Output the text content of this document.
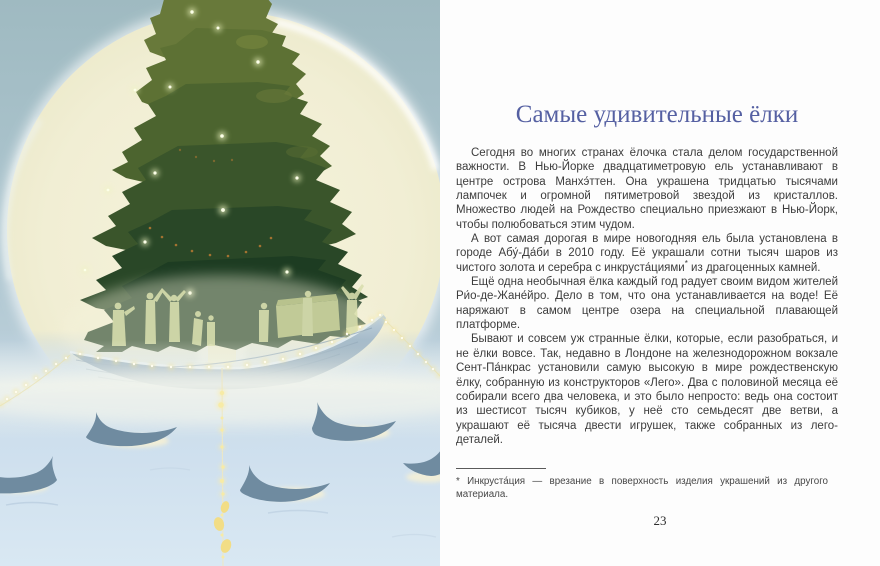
Самые удивительные ёлки

Сегодня во многих странах ёлочка стала делом государственной важности. В Нью-Йорке двадцатиметровую ель устанавливают в центре острова Манхэ́ттен. Она украшена тридцатью тысячами лампочек и огромной пятиметровой звездой из кристаллов. Множество людей на Рождество специально приезжают в Нью-Йорк, чтобы полюбоваться этим чудом.

А вот самая дорогая в мире новогодняя ель была установлена в городе Абу́-Да́би в 2010 году. Её украшали сотни тысяч шаров из чистого золота и серебра с инкруста́циями* из драгоценных камней.

Ещё одна необычная ёлка каждый год радует своим видом жителей Ри́о-де-Жане́йро. Дело в том, что она устанавливается на воде! Её наряжают в самом центре озера на специальной плавающей платформе.

Бывают и совсем уж странные ёлки, которые, если разобраться, и не ёлки вовсе. Так, недавно в Лондоне на железнодорожном вокзале Сент-Па́нкрас установили самую высокую в мире рождественскую ёлку, собранную из конструкторов «Лего». Два с половиной месяца её собирали всего два человека, и это было непросто: ведь она состоит из шестисот тысяч кубиков, у неё сто семьдесят две ветви, а украшают её тысяча двести игрушек, также собранных из лего-деталей.

* Инкруста́ция — врезание в поверхность изделия украшений из другого материала.

23
